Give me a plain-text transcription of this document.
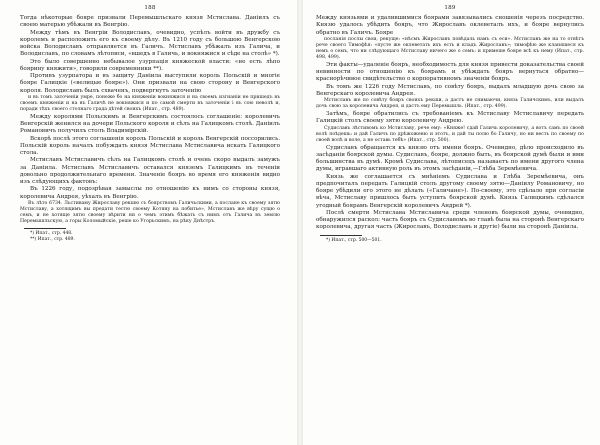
188

Тогда нѣкоторые бояре призвали Перемышльскаго князя Мстислава. Даніилъ съ своею матерью убѣжали въ Венгрію.

Между тѣмъ въ Венгріи Володиславъ, очевидно, успѣлъ войти въ дружбу съ королемъ и расположить его къ своему дѣлу. Въ 1210 году съ большою Венгерскою войска Володиславъ отправляется въ Галичъ. Мстиславъ убѣжалъ изъ Галича, и Володиславъ, по словамъ лѣтописи, «вшедъ в Галичь, и вокняжися и сѣде на столѣ» *).

Это было совершенно небывалое узурпація княжеской власти: «не есть лѣпо боярину княжити», говорили современники **).

Противъ узурпатора и въ защиту Даніила выступили король Польскій и многіе бояре Галицкіе («велицые бояре»). Они призвали на свою сторону и Венгерского короля. Володиславъ былъ схваченъ, подвергнутъ заточенію

и въ томъ заточеніи умре, понеже бо на княженіи вокняжися и на своемъ изгнаніи не пришедъ въ своемъ княженіи и на въ Галичѣ не вокняжися и по самой смерти въ заточеніи і въ сою неволѣ и, поради тѣхъ своего столнаго града дѣтей своихъ (Ипат., стр. 489).

Между королями Польскимъ и Венгерскимъ состоялось соглашеніе: королевичъ Венгерскій женился на дочери Польского короля и сѣлъ на Галицкомъ столѣ. Даніилъ Романовичъ получилъ столъ Владимірскій.

Вскорѣ послѣ этого соглашенія король Польскій и король Венгерскій поссорились. Польскій король началъ побуждать князя Мстислава Мстиславича искать Галицкого стола.

Мстиславъ Мстиславичъ сѣлъ на Галицкомъ столѣ и очень скоро выдалъ замужъ за Даніила. Мстиславъ Мстиславичъ оставался княземъ Галицкимъ въ теченіи довольно продолжительнаго времени. Значеніе бояръ во время его княженія видно изъ слѣдующихъ фактовъ:

Въ 1226 году, подозрѣвая замыслы по отношенію къ нимъ со стороны князя, королевича Андрея, уѣхалъ въ Венгрію.

Въ лѣто 6734. Льстиваму Жирославу рекшю съ боярствомъ Галичьскими, а послане къ своему зятю Мстиславу, а хотящимъ вы предати тестю своему Котяну на побитье», Мстиславъ же вѣру сущю о семъ, и не хотяще зятю своему вѣрити ни о чемъ этимъ бѣжать съ нимъ отъ Галича въ землю Перемышльскую, а горы Коломыйскіе, реше ко Угорьскимъ, на рѣку Днѣстръ.

*) Ипат., стр. 448.
**) Ипат., стр. 489.
189

Между князьями и удалившимися боярами завязывались сношенія черезъ посредство. Князю удалось убѣдить бояръ, что Жирославъ оклеветалъ ихъ, и бояре вернулись обратно въ Галичъ. Бояре

посланія послы свои, рекуще: «нѣсмъ Жирославъ повѣдаль намъ съ еси». Мстиславъ же на то отвѣтъ рече своего Тимофѣя: «пусте же оклеветать ихъ есть и кладъ Жирославъ»; тимофѣю же кланяшеся къ немъ о семъ, что ни слѣдующаго Мстиславу ничего же о семъ: и примеше бояре всѣ къ нему (Ипат., стр. 498, 499).

Эти факты—удаленіе бояръ, необходимость для князя привести доказательства своей невинности по отношенію къ боярамъ и убѣждать бояръ вернуться обратно—краснорѣчивое свидѣтельство о корпоративномъ значеніи бояръ.

Въ томъ же 1226 году Мстиславъ, по совѣту бояръ, выдалъ младшую дочь свою за Венгерскаго королевича Андрея.

Мстиславъ же по совѣту бояръ своихъ рекши, а дастъ не снимаючи, князь Галичскимъ, или выдалъ дочь свою за королевича Андрея, и дастъ ему Перемышль. (Ипат., стр. 499).

Затѣмъ, бояре обратились съ требованіемъ къ Мстиславу Мстиславичу передать Галицкій столъ своему зятю королевичу Андрею.

Судиславъ лѣстивомъ ко Мстиславу, рече ему: «Княже! сдай Галичь королевичу, а вотъ самъ по своей волѣ поѣдешь: и дай Галичъ по дрѣжоженю и этотъ, и дай ты полю бо Галичу, но ни весть по своему по своей волѣ и воле, а не оставь тебѣ» (Ипат., стр. 500).

Судиславъ обращается къ князю отъ имени бояръ. Очевидно, дѣло происходило въ засѣданіи боярской думы. Судиславъ, бояре, должно быть, въ боярской думѣ были и ими большинства въ думѣ. Кромѣ Судислава, лѣтописецъ называетъ по имени другого члена думы, игравшаго активную роль въ этомъ засѣданіи,—Глѣба Зеремѣевича.

Князь же соглашается съ мнѣніемъ Судислава и Глѣба Зеремѣевича, онъ предпочиталъ передать Галицкій столъ другому своему зятю—Даніилу Романовичу, но бояре убѣдили его этого не дѣлать («Галичане»). По-своему, это сдѣлало при согласіи вѣча, Мстиславу пришлось быть уступить боярской думѣ. Князь Галицкимъ сдѣлался угодный боярамъ Венгерскій королевичъ Андрей *).

Послѣ смерти Мстислава Мстиславича среди членовъ боярской думы, очевидно, обнаружился раскол: часть бояръ съ Судиславомъ во главѣ была на сторонѣ Венгерскаго королевича, другая часть (Жирославъ, Володиславъ и другіе) были на сторонѣ Даніила.

*) Ипат., стр. 500—501.
